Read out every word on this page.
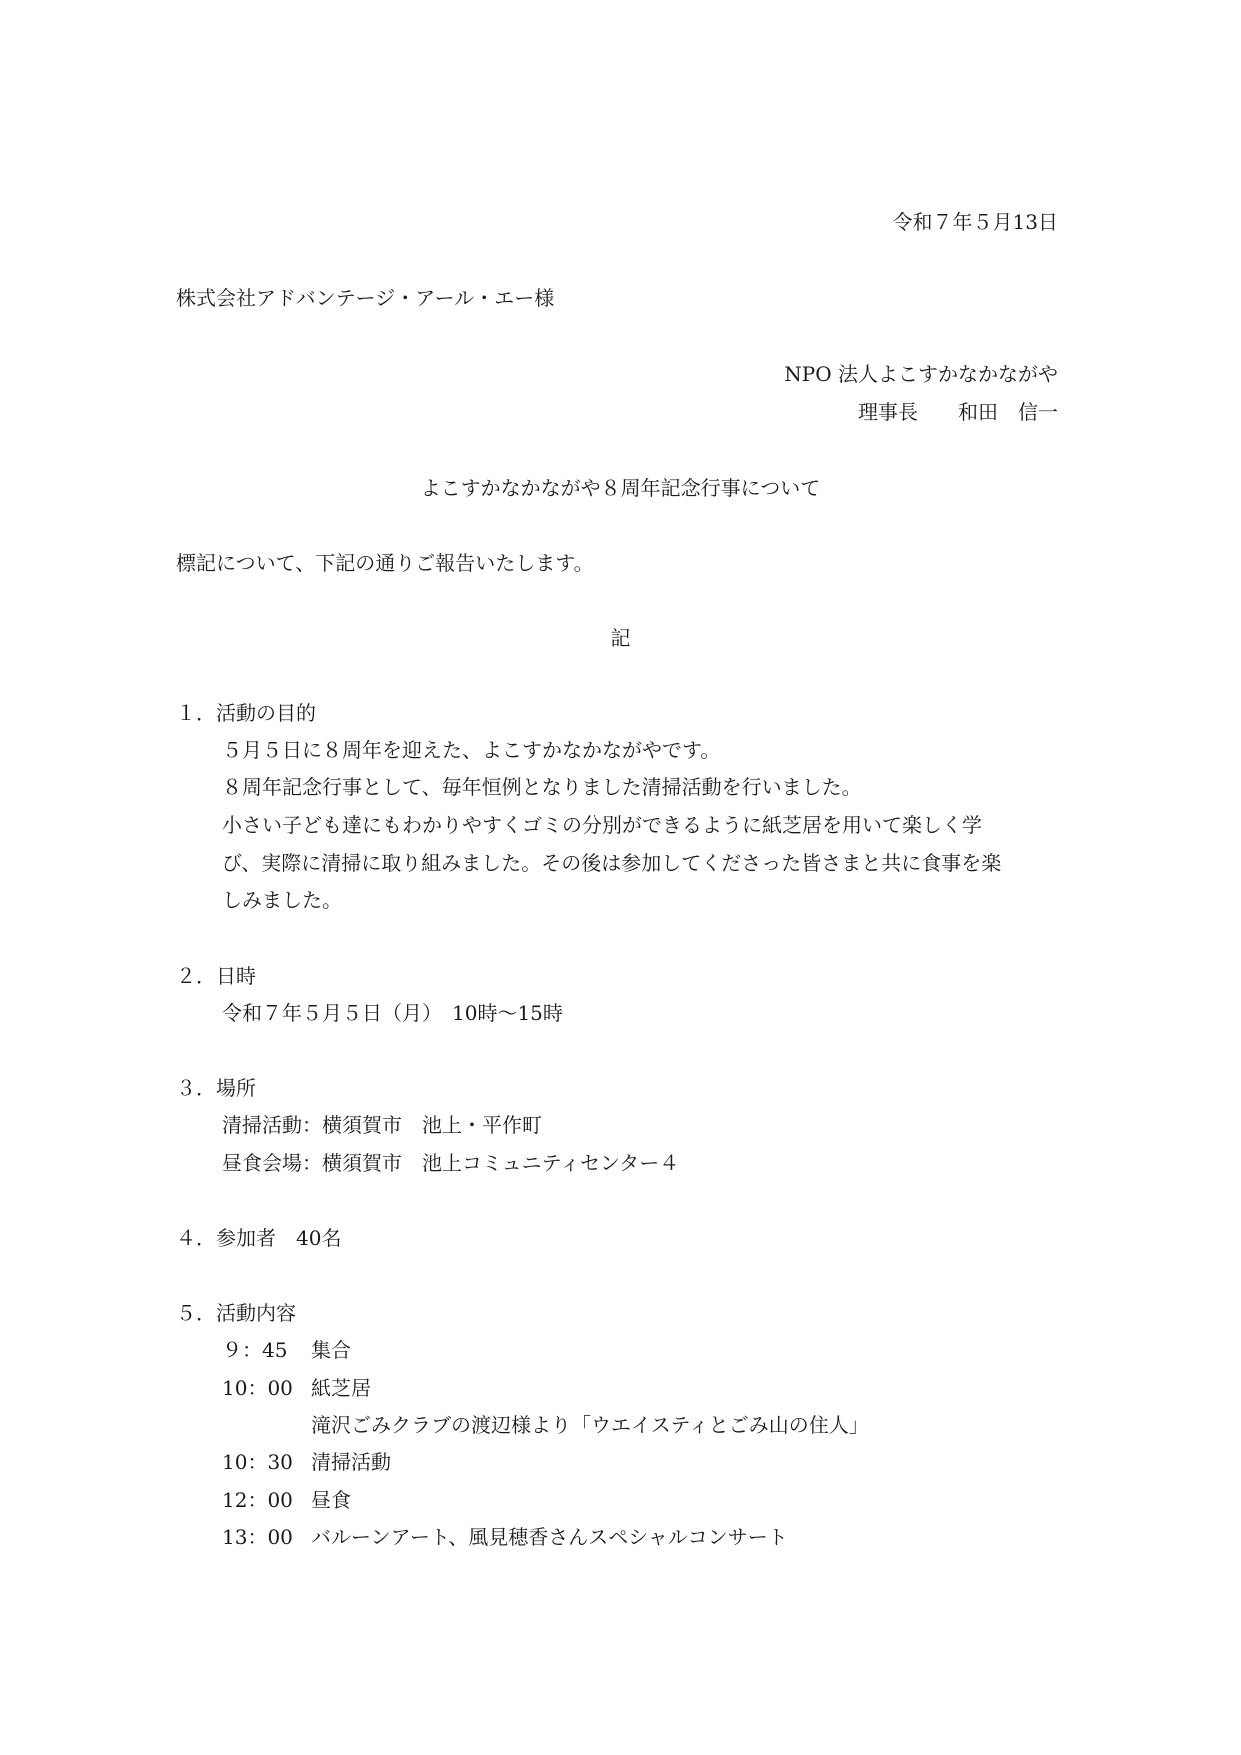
令和７年５月13日
株式会社アドバンテージ・アール・エー様
NPO 法人よこすかなかながや
理事長　　和田　信一
よこすかなかながや８周年記念行事について
標記について、下記の通りご報告いたします。
記
１．活動の目的
５月５日に８周年を迎えた、よこすかなかながやです。
８周年記念行事として、毎年恒例となりました清掃活動を行いました。
小さい子ども達にもわかりやすくゴミの分別ができるように紙芝居を用いて楽しく学
び、実際に清掃に取り組みました。その後は参加してくださった皆さまと共に食事を楽
しみました。
２．日時
令和７年５月５日（月）　10時〜15時
３．場所
清掃活動：横須賀市　池上・平作町
昼食会場：横須賀市　池上コミュニティセンター４
４．参加者　40名
５．活動内容
９：45 集合
10：00 紙芝居
滝沢ごみクラブの渡辺様より「ウエイスティとごみ山の住人」
10：30 清掃活動
12：00 昼食
13：00 バルーンアート、風見穂香さんスペシャルコンサート
